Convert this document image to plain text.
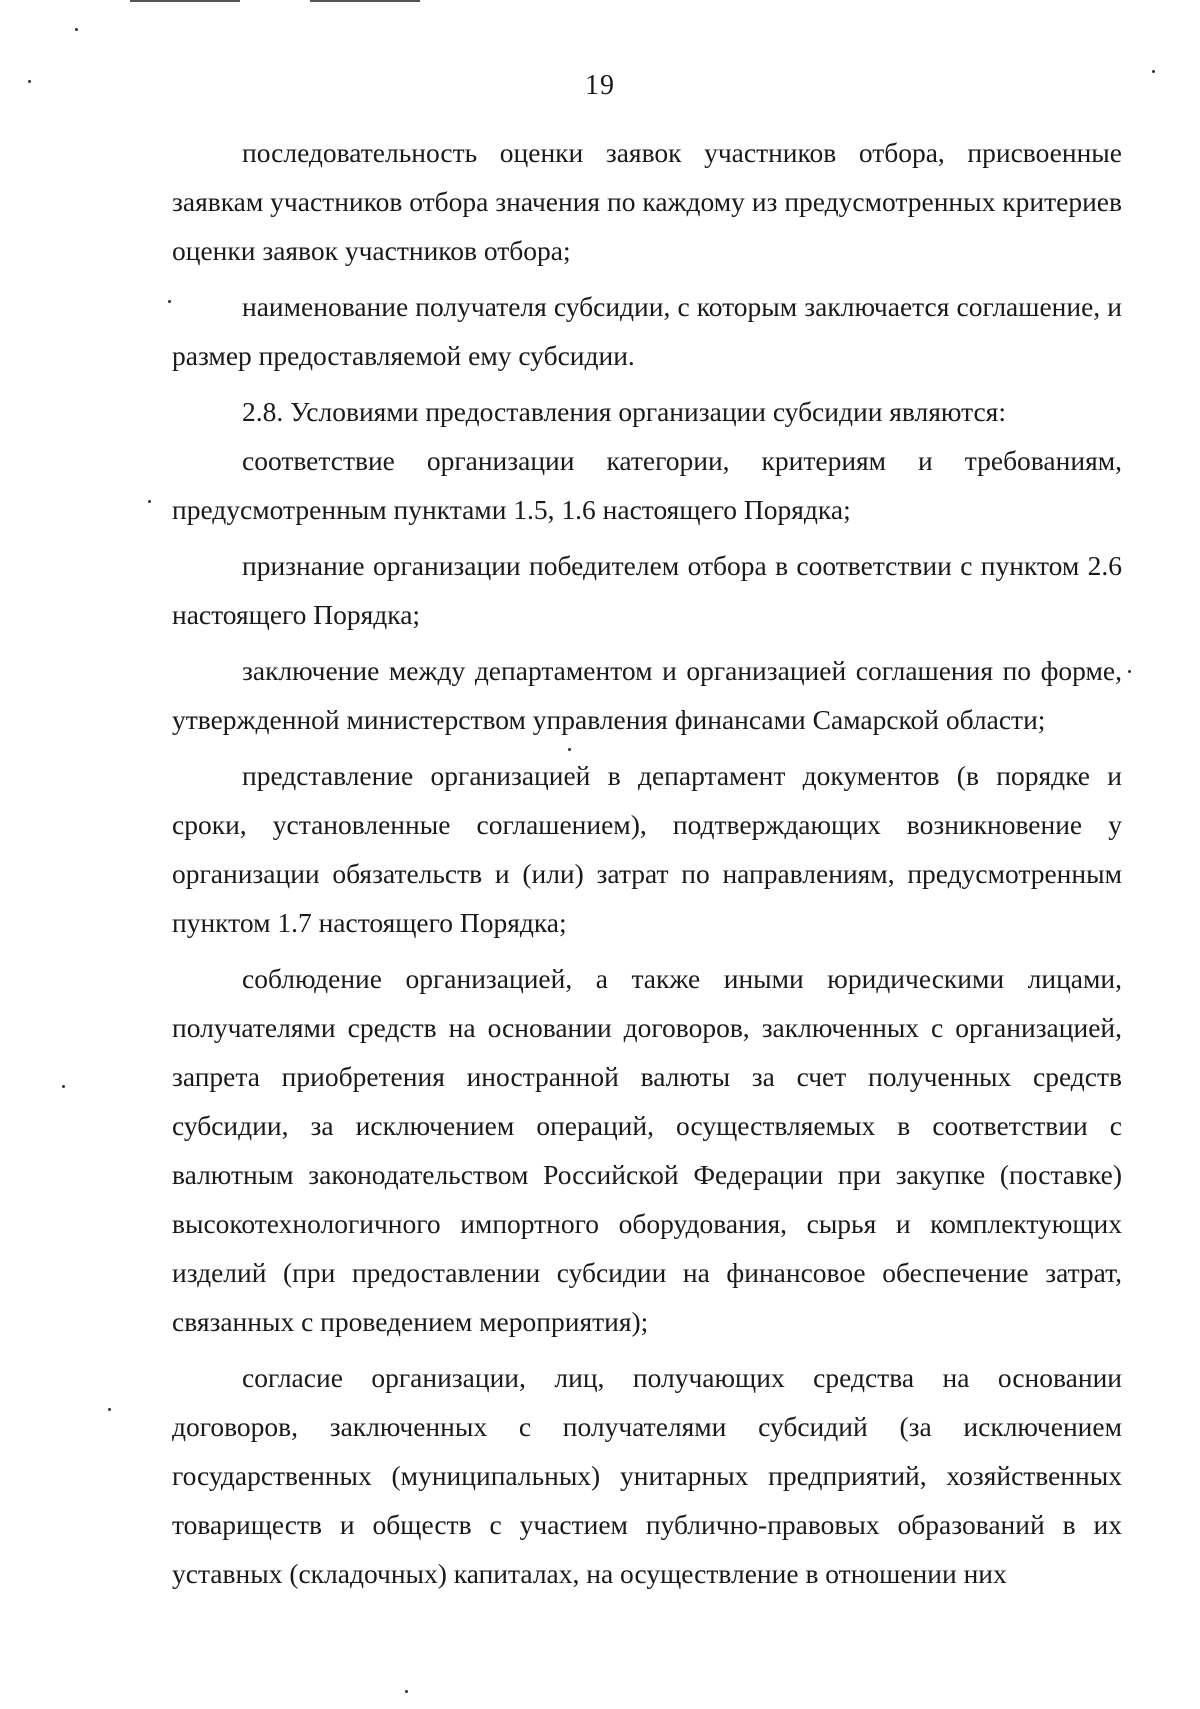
19

последовательность оценки заявок участников отбора, присвоенные заявкам участников отбора значения по каждому из предусмотренных критериев оценки заявок участников отбора;

наименование получателя субсидии, с которым заключается соглашение, и размер предоставляемой ему субсидии.

2.8. Условиями предоставления организации субсидии являются:

соответствие организации категории, критериям и требованиям, предусмотренным пунктами 1.5, 1.6 настоящего Порядка;

признание организации победителем отбора в соответствии с пунктом 2.6 настоящего Порядка;

заключение между департаментом и организацией соглашения по форме, утвержденной министерством управления финансами Самарской области;

представление организацией в департамент документов (в порядке и сроки, установленные соглашением), подтверждающих возникновение у организации обязательств и (или) затрат по направлениям, предусмотренным пунктом 1.7 настоящего Порядка;

соблюдение организацией, а также иными юридическими лицами, получателями средств на основании договоров, заключенных с организацией, запрета приобретения иностранной валюты за счет полученных средств субсидии, за исключением операций, осуществляемых в соответствии с валютным законодательством Российской Федерации при закупке (поставке) высокотехнологичного импортного оборудования, сырья и комплектующих изделий (при предоставлении субсидии на финансовое обеспечение затрат, связанных с проведением мероприятия);

согласие организации, лиц, получающих средства на основании договоров, заключенных с получателями субсидий (за исключением государственных (муниципальных) унитарных предприятий, хозяйственных товариществ и обществ с участием публично-правовых образований в их уставных (складочных) капиталах, на осуществление в отношении них
